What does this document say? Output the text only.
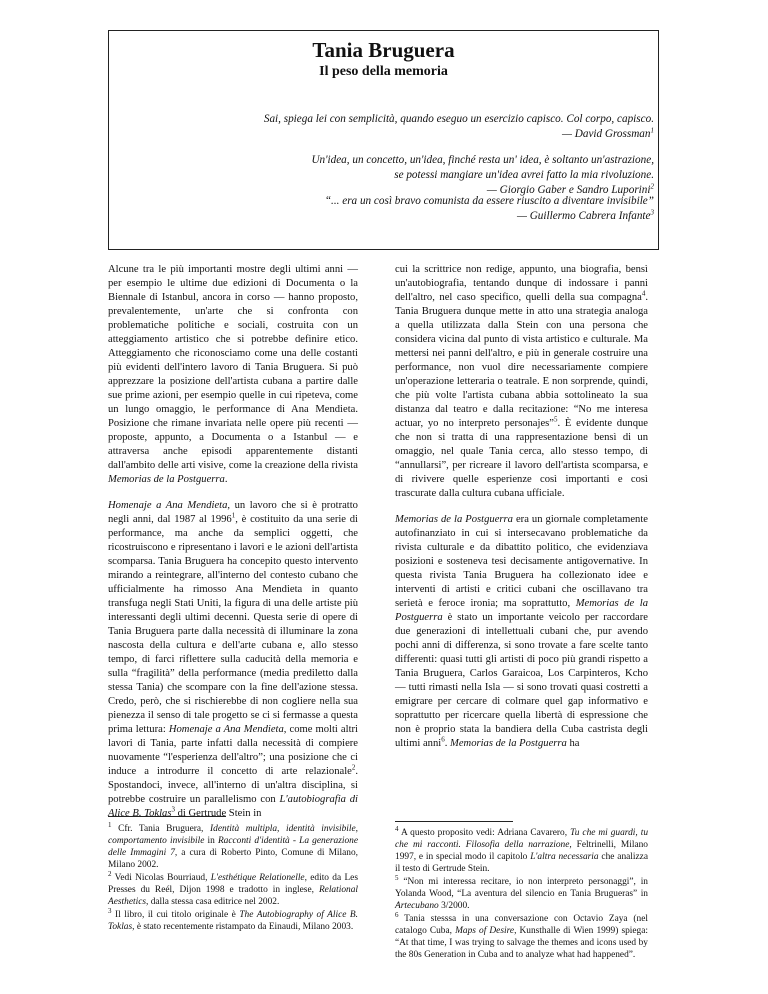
Tania Bruguera
Il peso della memoria

Sai, spiega lei con semplicità, quando eseguo un esercizio capisco. Col corpo, capisco.
— David Grossman$^1$

Un'idea, un concetto, un'idea, finché resta un' idea, è soltanto un'astrazione,
se potessi mangiare un'idea avrei fatto la mia rivoluzione.
— Giorgio Gaber e Sandro Luporini$^2$

“... era un così bravo comunista da essere riuscito a diventare invisibile”
— Guillermo Cabrera Infante$^3$

Alcune tra le più importanti mostre degli ultimi anni — per esempio le ultime due edizioni di Documenta o la Biennale di Istanbul, ancora in corso — hanno proposto, prevalentemente, un'arte che si confronta con problematiche politiche e sociali, costruita con un atteggiamento artistico che si potrebbe definire etico. Atteggiamento che riconosciamo come una delle costanti più evidenti dell'intero lavoro di Tania Bruguera. Si può apprezzare la posizione dell'artista cubana a partire dalle sue prime azioni, per esempio quelle in cui ripeteva, come un lungo omaggio, le performance di Ana Mendieta. Posizione che rimane invariata nelle opere più recenti — proposte, appunto, a Documenta o a Istanbul — e attraversa anche episodi apparentemente distanti dall'ambito delle arti visive, come la creazione della rivista Memorias de la Postguerra.

Homenaje a Ana Mendieta, un lavoro che si è protratto negli anni, dal 1987 al 1996$^1$, è costituito da una serie di performance, ma anche da semplici oggetti, che ricostruiscono e ripresentano i lavori e le azioni dell'artista scomparsa. Tania Bruguera ha concepito questo intervento mirando a reintegrare, all'interno del contesto cubano che ufficialmente ha rimosso Ana Mendieta in quanto transfuga negli Stati Uniti, la figura di una delle artiste più interessanti degli ultimi decenni. Questa serie di opere di Tania Bruguera parte dalla necessità di illuminare la zona nascosta della cultura e dell'arte cubana e, allo stesso tempo, di farci riflettere sulla caducità della memoria e sulla “fragilità” della performance (media prediletto dalla stessa Tania) che scompare con la fine dell'azione stessa. Credo, però, che si rischierebbe di non cogliere nella sua pienezza il senso di tale progetto se ci si fermasse a questa prima lettura: Homenaje a Ana Mendieta, come molti altri lavori di Tania, parte infatti dalla necessità di compiere nuovamente “l'esperienza dell'altro”; una posizione che ci induce a introdurre il concetto di arte relazionale$^2$. Spostandoci, invece, all'interno di un'altra disciplina, si potrebbe costruire un parallelismo con L'autobiografia di Alice B. Toklas$^3$ di Gertrude Stein in

cui la scrittrice non redige, appunto, una biografia, bensì un'autobiografia, tentando dunque di indossare i panni dell'altro, nel caso specifico, quelli della sua compagna$^4$. Tania Bruguera dunque mette in atto una strategia analoga a quella utilizzata dalla Stein con una persona che considera vicina dal punto di vista artistico e culturale. Ma mettersi nei panni dell'altro, e più in generale costruire una performance, non vuol dire necessariamente compiere un'operazione letteraria o teatrale. E non sorprende, quindi, che più volte l'artista cubana abbia sottolineato la sua distanza dal teatro e dalla recitazione: “No me interesa actuar, yo no interpreto personajes”$^5$. È evidente dunque che non si tratta di una rappresentazione bensì di un omaggio, nel quale Tania cerca, allo stesso tempo, di “annullarsi”, per ricreare il lavoro dell'artista scomparsa, e di rivivere quelle esperienze così importanti e così trascurate dalla cultura cubana ufficiale.

Memorias de la Postguerra era un giornale completamente autofinanziato in cui si intersecavano problematiche da rivista culturale e da dibattito politico, che evidenziava posizioni e sosteneva tesi decisamente antigovernative. In questa rivista Tania Bruguera ha collezionato idee e interventi di artisti e critici cubani che oscillavano tra serietà e feroce ironia; ma soprattutto, Memorias de la Postguerra è stato un importante veicolo per raccordare due generazioni di intellettuali cubani che, pur avendo pochi anni di differenza, si sono trovate a fare scelte tanto differenti: quasi tutti gli artisti di poco più grandi rispetto a Tania Bruguera, Carlos Garaicoa, Los Carpinteros, Kcho — tutti rimasti nella Isla — si sono trovati quasi costretti a emigrare per cercare di colmare quel gap informativo e soprattutto per ricercare quella libertà di espressione che non è proprio stata la bandiera della Cuba castrista degli ultimi anni$^6$. Memorias de la Postguerra ha

$^1$ Cfr. Tania Bruguera, Identità multipla, identità invisibile, comportamento invisibile in Racconti d'identità - La generazione delle Immagini 7, a cura di Roberto Pinto, Comune di Milano, Milano 2002.

$^2$ Vedi Nicolas Bourriaud, L'esthétique Relationelle, edito da Les Presses du Reél, Dijon 1998 e tradotto in inglese, Relational Aesthetics, dalla stessa casa editrice nel 2002.

$^3$ Il libro, il cui titolo originale è The Autobiography of Alice B. Toklas, è stato recentemente ristampato da Einaudi, Milano 2003.

$^4$ A questo proposito vedi: Adriana Cavarero, Tu che mi guardi, tu che mi racconti. Filosofia della narrazione, Feltrinelli, Milano 1997, e in special modo il capitolo L'altra necessaria che analizza il testo di Gertrude Stein.

$^5$ “Non mi interessa recitare, io non interpreto personaggi”, in Yolanda Wood, “La aventura del silencio en Tania Brugueras” in Artecubano 3/2000.

$^6$ Tania stesssa in una conversazione con Octavio Zaya (nel catalogo Cuba, Maps of Desire, Kunsthalle di Wien 1999) spiega: “At that time, I was trying to salvage the themes and icons used by the 80s Generation in Cuba and to analyze what had happened”.
